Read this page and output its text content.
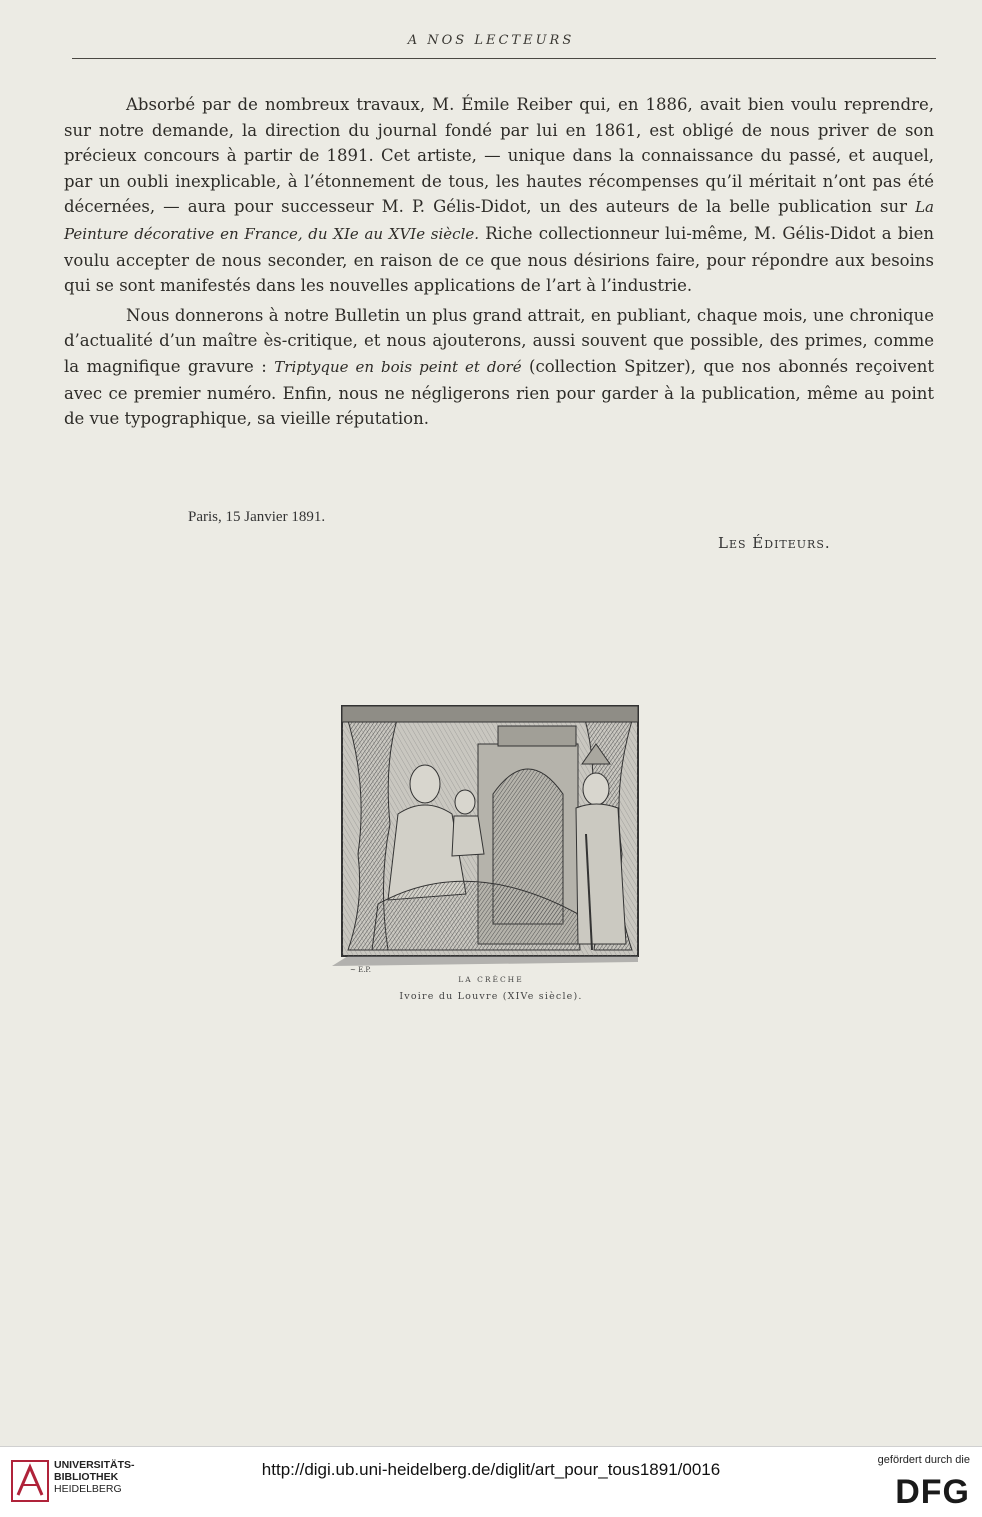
A NOS LECTEURS

Absorbé par de nombreux travaux, M. Émile Reiber qui, en 1886, avait bien voulu reprendre, sur notre demande, la direction du journal fondé par lui en 1861, est obligé de nous priver de son précieux concours à partir de 1891. Cet artiste, — unique dans la connaissance du passé, et auquel, par un oubli inexplicable, à l’étonnement de tous, les hautes récompenses qu’il méritait n’ont pas été décernées, — aura pour successeur M. P. Gélis-Didot, un des auteurs de la belle publication sur La Peinture décorative en France, du XIe au XVIe siècle. Riche collectionneur lui-même, M. Gélis-Didot a bien voulu accepter de nous seconder, en raison de ce que nous désirions faire, pour répondre aux besoins qui se sont manifestés dans les nouvelles applications de l’art à l’industrie.

Nous donnerons à notre Bulletin un plus grand attrait, en publiant, chaque mois, une chronique d’actualité d’un maître ès-critique, et nous ajouterons, aussi souvent que possible, des primes, comme la magnifique gravure : Triptyque en bois peint et doré (collection Spitzer), que nos abonnés reçoivent avec ce premier numéro. Enfin, nous ne négligerons rien pour garder à la publication, même au point de vue typographique, sa vieille réputation.

Paris, 15 Janvier 1891.
Les Éditeurs.
~ E.P.
LA CRÈCHE
Ivoire du Louvre (XIVe siècle).
UNIVERSITÄTS-
BIBLIOTHEK
HEIDELBERG
http://digi.ub.uni-heidelberg.de/diglit/art_pour_tous1891/0016	gefördert durch die
DFG
